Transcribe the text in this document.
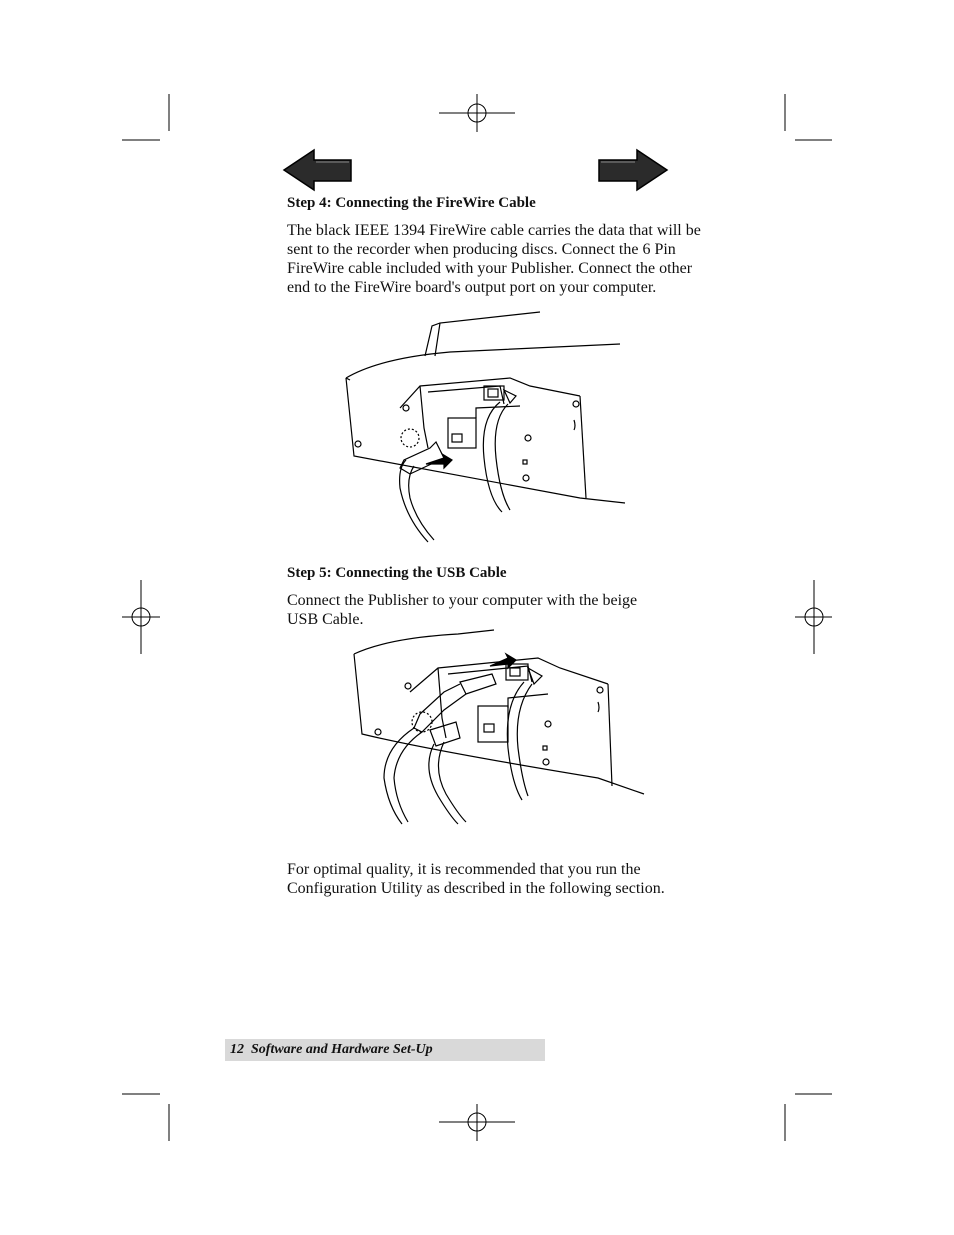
Step 4: Connecting the FireWire Cable

The black IEEE 1394 FireWire cable carries the data that will be
sent to the recorder when producing discs. Connect the 6 Pin
FireWire cable included with your Publisher. Connect the other
end to the FireWire board's output port on your computer.

Step 5: Connecting the USB Cable

Connect the Publisher to your computer with the beige
USB Cable.

For optimal quality, it is recommended that you run the
Configuration Utility as described in the following section.

12 Software and Hardware Set-Up
